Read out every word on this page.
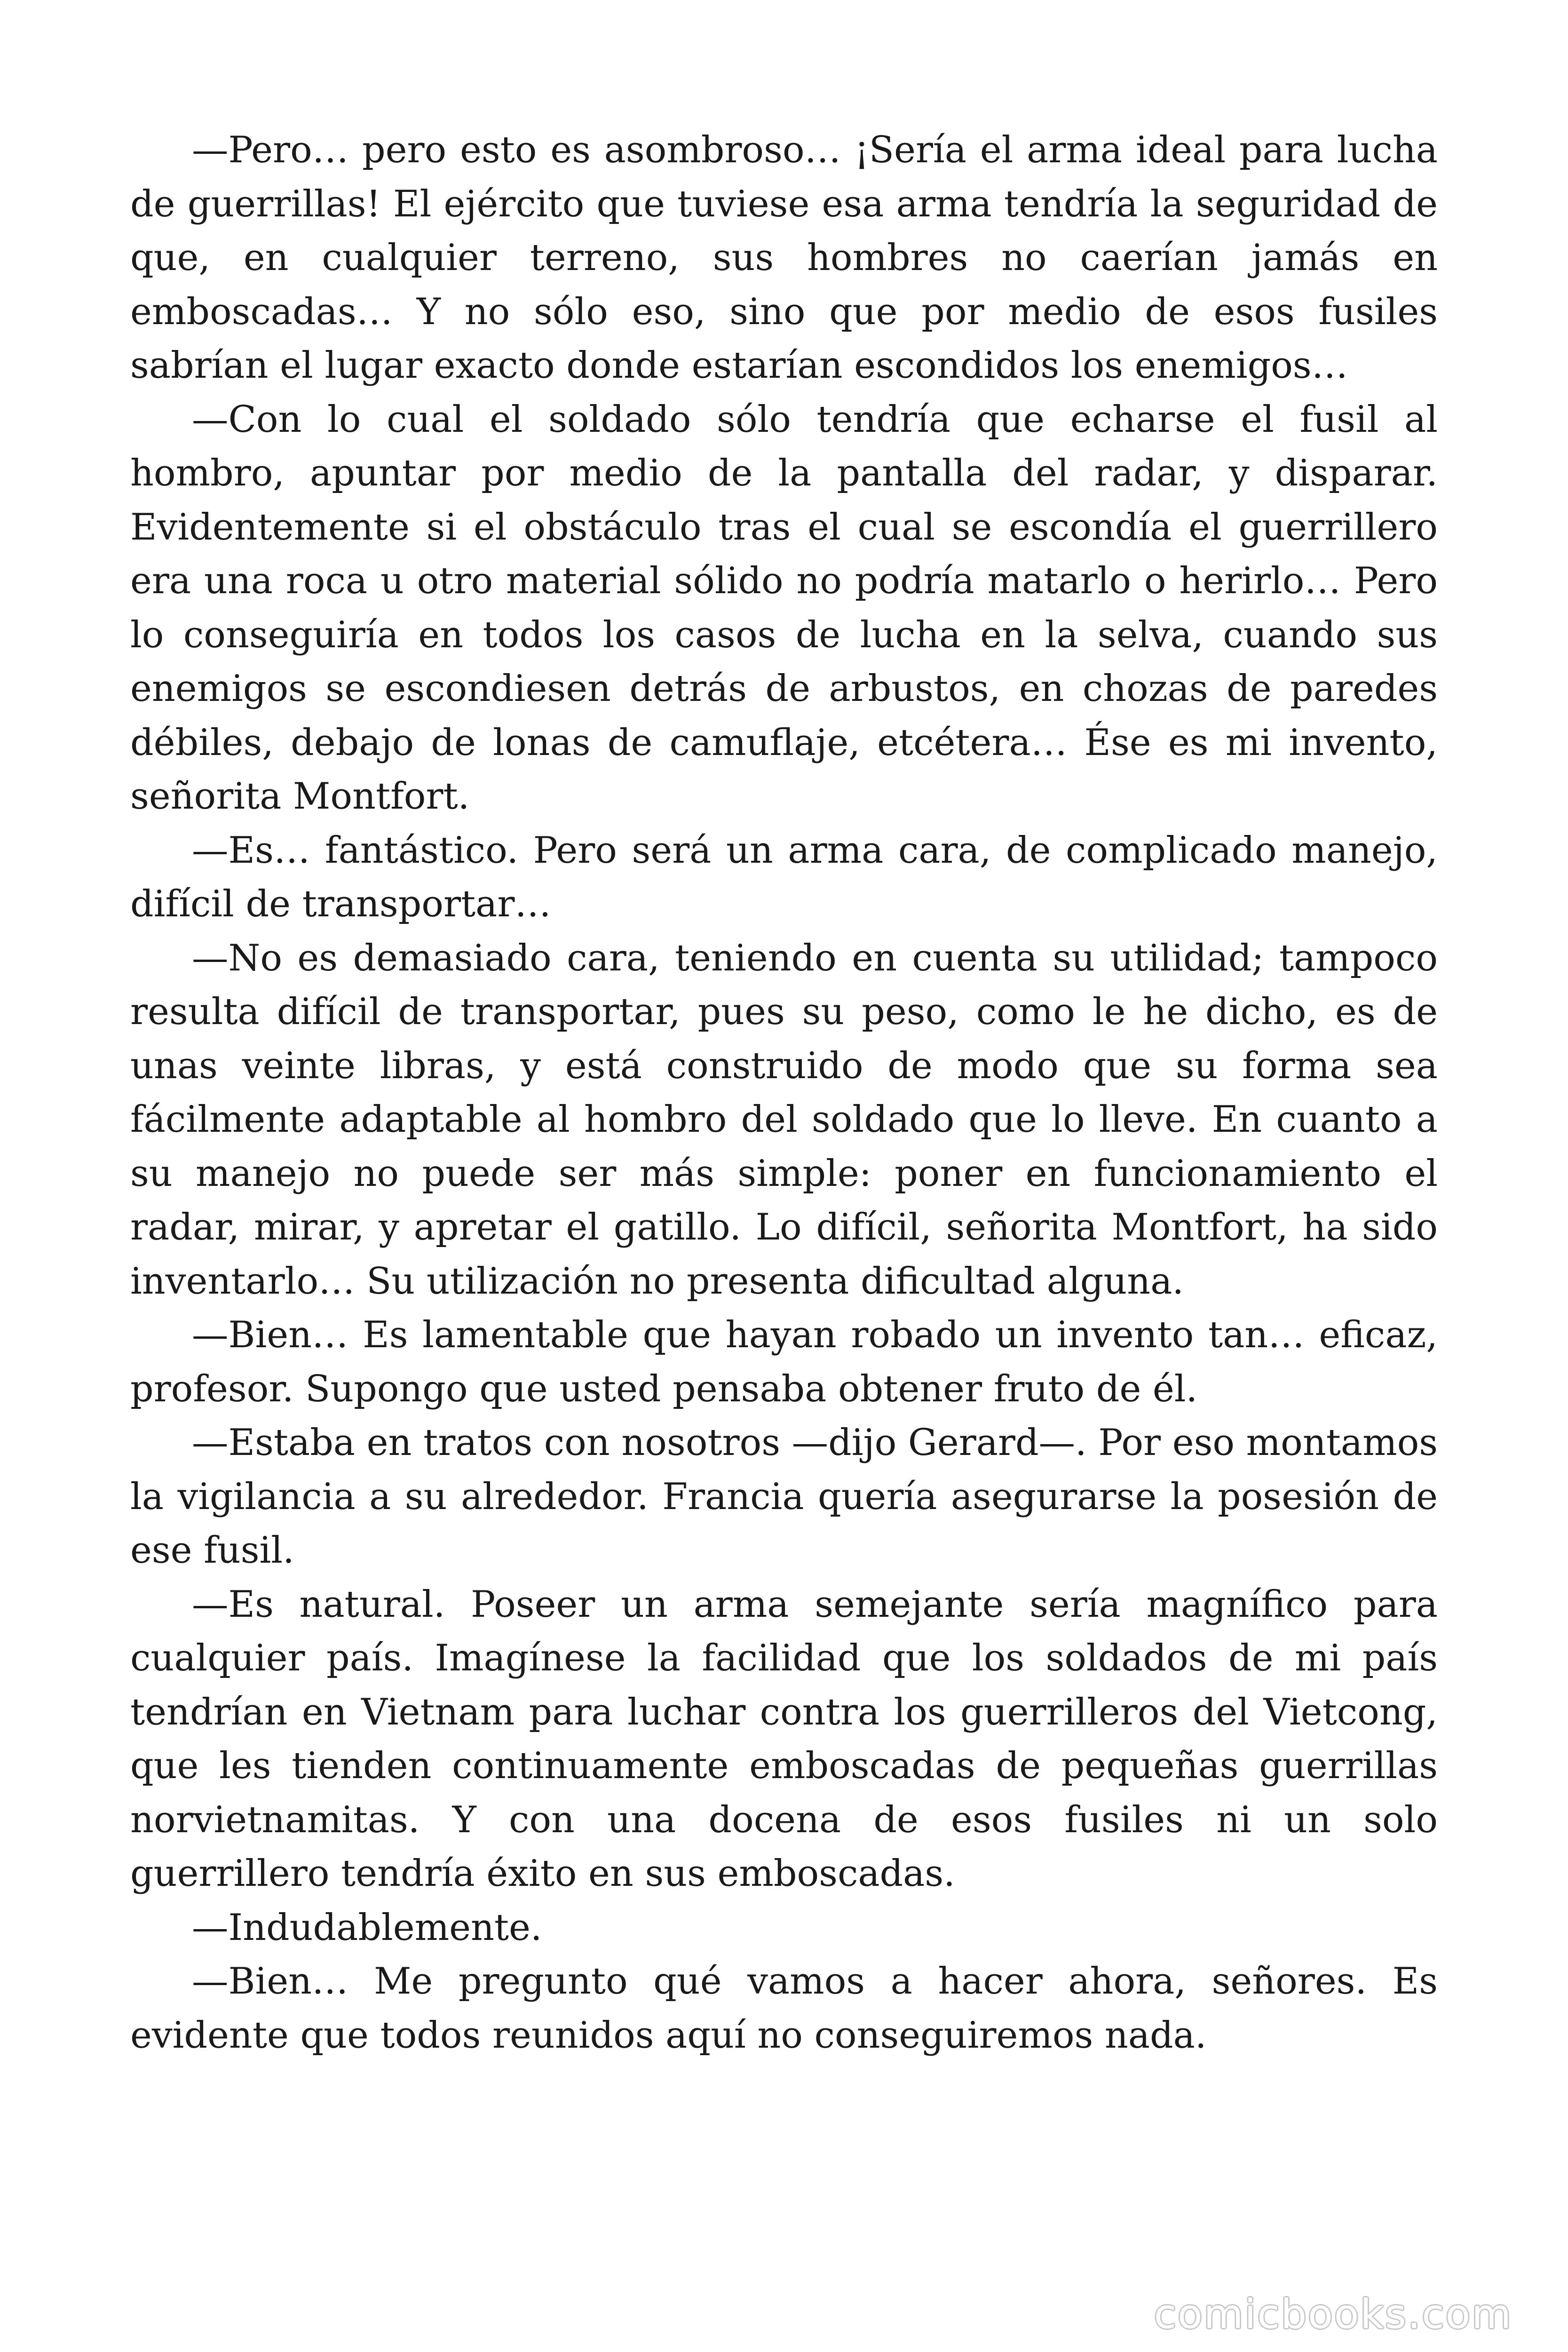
—Pero… pero esto es asombroso… ¡Sería el arma ideal para lucha de guerrillas! El ejército que tuviese esa arma tendría la seguridad de que, en cualquier terreno, sus hombres no caerían jamás en emboscadas… Y no sólo eso, sino que por medio de esos fusiles sabrían el lugar exacto donde estarían escondidos los enemigos…

—Con lo cual el soldado sólo tendría que echarse el fusil al hombro, apuntar por medio de la pantalla del radar, y disparar. Evidentemente si el obstáculo tras el cual se escondía el guerrillero era una roca u otro material sólido no podría matarlo o herirlo… Pero lo conseguiría en todos los casos de lucha en la selva, cuando sus enemigos se escondiesen detrás de arbustos, en chozas de paredes débiles, debajo de lonas de camuflaje, etcétera… Ése es mi invento, señorita Montfort.

—Es… fantástico. Pero será un arma cara, de complicado manejo, difícil de transportar…

—No es demasiado cara, teniendo en cuenta su utilidad; tampoco resulta difícil de transportar, pues su peso, como le he dicho, es de unas veinte libras, y está construido de modo que su forma sea fácilmente adaptable al hombro del soldado que lo lleve. En cuanto a su manejo no puede ser más simple: poner en funcionamiento el radar, mirar, y apretar el gatillo. Lo difícil, señorita Montfort, ha sido inventarlo… Su utilización no presenta dificultad alguna.

—Bien… Es lamentable que hayan robado un invento tan… eficaz, profesor. Supongo que usted pensaba obtener fruto de él.

—Estaba en tratos con nosotros —dijo Gerard—. Por eso montamos la vigilancia a su alrededor. Francia quería asegurarse la posesión de ese fusil.

—Es natural. Poseer un arma semejante sería magnífico para cualquier país. Imagínese la facilidad que los soldados de mi país tendrían en Vietnam para luchar contra los guerrilleros del Vietcong, que les tienden continuamente emboscadas de pequeñas guerrillas norvietnamitas. Y con una docena de esos fusiles ni un solo guerrillero tendría éxito en sus emboscadas.

—Indudablemente.

—Bien… Me pregunto qué vamos a hacer ahora, señores. Es evidente que todos reunidos aquí no conseguiremos nada.

comicbooks.com
